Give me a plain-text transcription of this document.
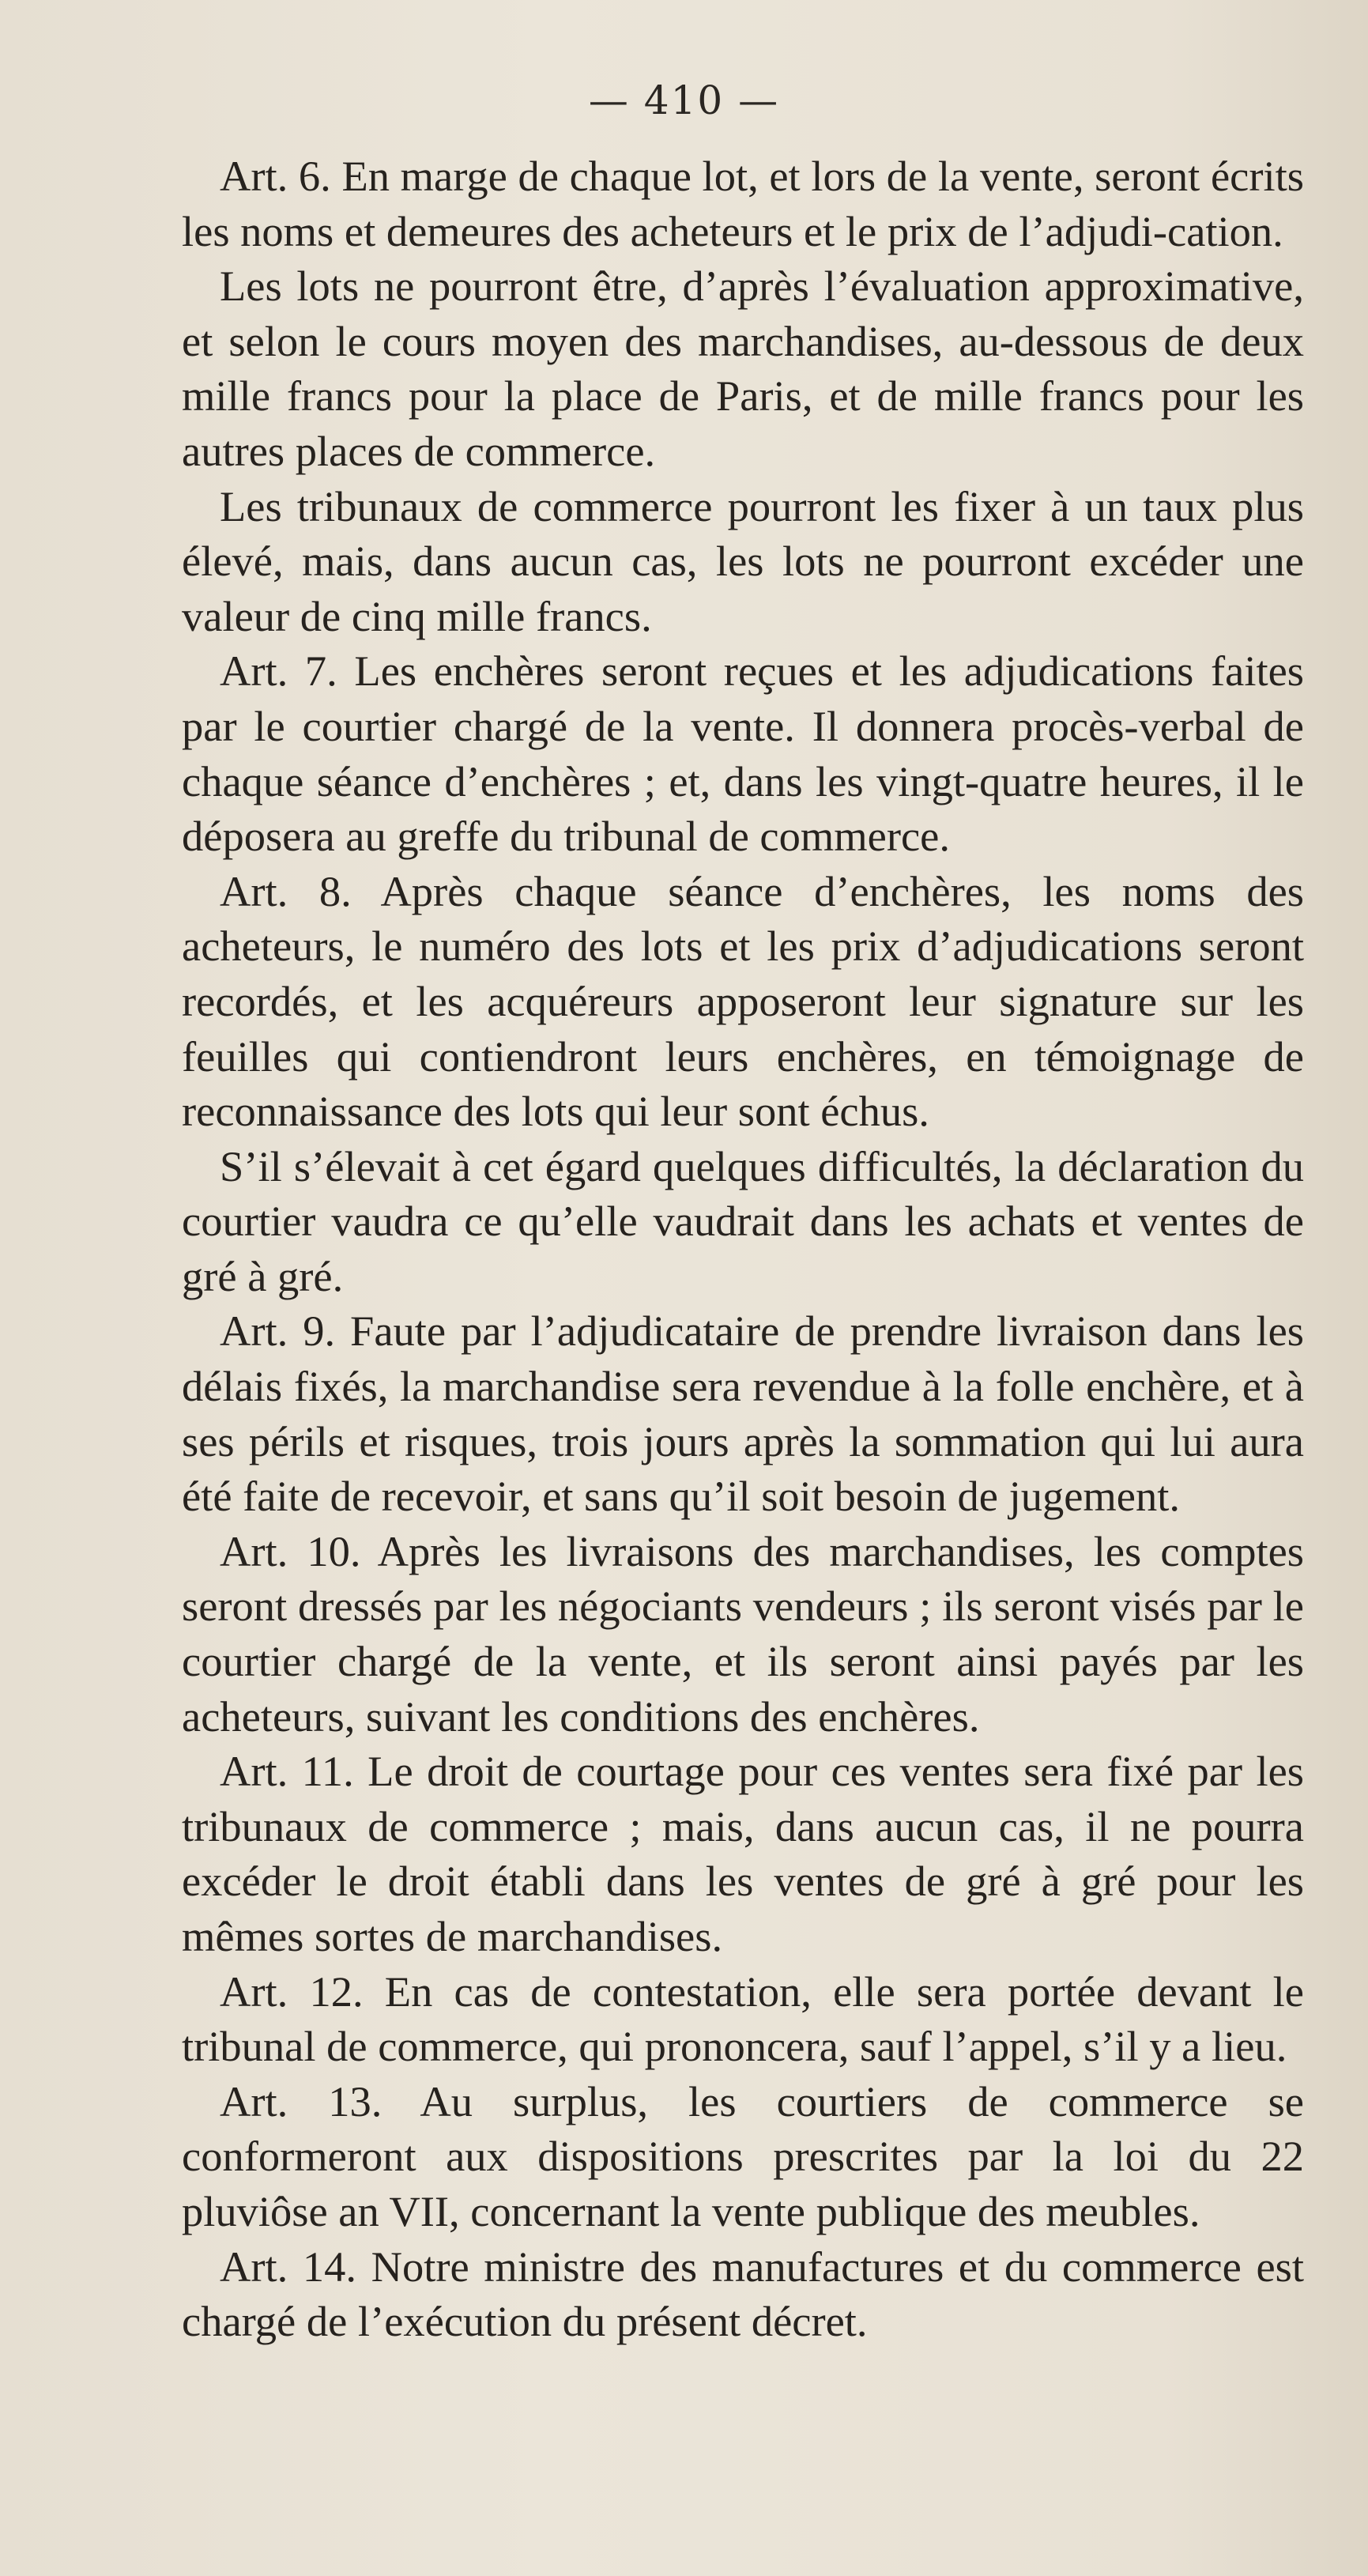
— 410 —

Art. 6. En marge de chaque lot, et lors de la vente, seront écrits les noms et demeures des acheteurs et le prix de l’adjudi-cation.

Les lots ne pourront être, d’après l’évaluation approximative, et selon le cours moyen des marchandises, au-dessous de deux mille francs pour la place de Paris, et de mille francs pour les autres places de commerce.

Les tribunaux de commerce pourront les fixer à un taux plus élevé, mais, dans aucun cas, les lots ne pourront excéder une valeur de cinq mille francs.

Art. 7. Les enchères seront reçues et les adjudications faites par le courtier chargé de la vente. Il donnera procès-verbal de chaque séance d’enchères ; et, dans les vingt-quatre heures, il le déposera au greffe du tribunal de commerce.

Art. 8. Après chaque séance d’enchères, les noms des acheteurs, le numéro des lots et les prix d’adjudications seront recordés, et les acquéreurs apposeront leur signature sur les feuilles qui contiendront leurs enchères, en témoignage de reconnaissance des lots qui leur sont échus.

S’il s’élevait à cet égard quelques difficultés, la déclaration du courtier vaudra ce qu’elle vaudrait dans les achats et ventes de gré à gré.

Art. 9. Faute par l’adjudicataire de prendre livraison dans les délais fixés, la marchandise sera revendue à la folle enchère, et à ses périls et risques, trois jours après la sommation qui lui aura été faite de recevoir, et sans qu’il soit besoin de jugement.

Art. 10. Après les livraisons des marchandises, les comptes seront dressés par les négociants vendeurs ; ils seront visés par le courtier chargé de la vente, et ils seront ainsi payés par les acheteurs, suivant les conditions des enchères.

Art. 11. Le droit de courtage pour ces ventes sera fixé par les tribunaux de commerce ; mais, dans aucun cas, il ne pourra excéder le droit établi dans les ventes de gré à gré pour les mêmes sortes de marchandises.

Art. 12. En cas de contestation, elle sera portée devant le tribunal de commerce, qui prononcera, sauf l’appel, s’il y a lieu.

Art. 13. Au surplus, les courtiers de commerce se conformeront aux dispositions prescrites par la loi du 22 pluviôse an VII, concernant la vente publique des meubles.

Art. 14. Notre ministre des manufactures et du commerce est chargé de l’exécution du présent décret.
